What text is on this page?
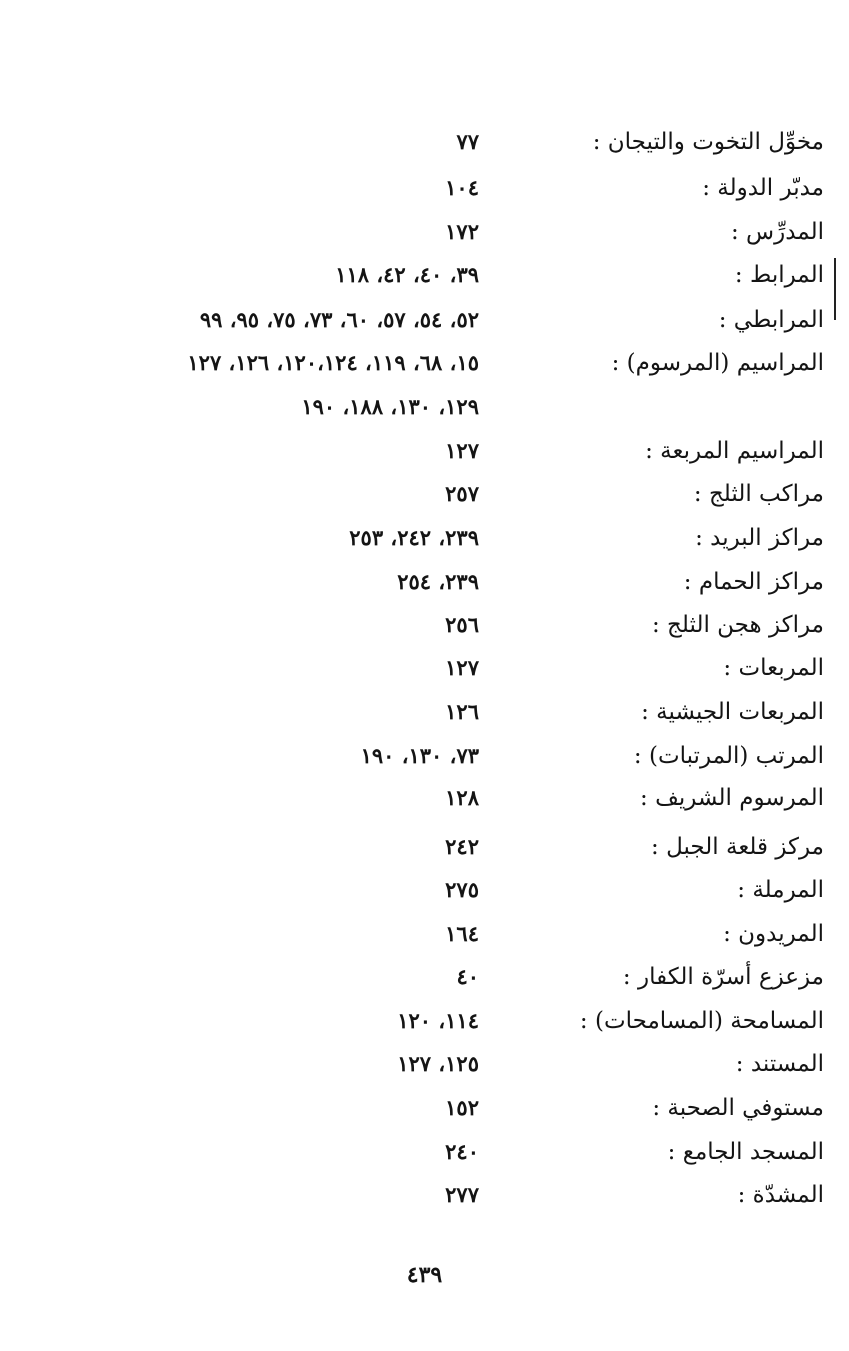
مخوِّل التخوت والتيجان :
٧٧
مدبّر الدولة :
١٠٤
المدرِّس :
١٧٢
المرابط :
٣٩، ٤٠، ٤٢، ١١٨
المرابطي :
٥٢، ٥٤، ٥٧، ٦٠، ٧٣، ٧٥، ٩٥، ٩٩
المراسيم (المرسوم) :
١٥، ٦٨، ١١٩، ١٢٠،١٢٤، ١٢٦، ١٢٧
١٢٩، ١٣٠، ١٨٨، ١٩٠
المراسيم المربعة :
١٢٧
مراكب الثلج :
٢٥٧
مراكز البريد :
٢٣٩، ٢٤٢، ٢٥٣
مراكز الحمام :
٢٣٩، ٢٥٤
مراكز هجن الثلج :
٢٥٦
المربعات :
١٢٧
المربعات الجيشية :
١٢٦
المرتب (المرتبات) :
٧٣، ١٣٠، ١٩٠
المرسوم الشريف :
١٢٨
مركز قلعة الجبل :
٢٤٢
المرملة :
٢٧٥
المريدون :
١٦٤
مزعزع أسرّة الكفار :
٤٠
المسامحة (المسامحات) :
١١٤، ١٢٠
المستند :
١٢٥، ١٢٧
مستوفي الصحبة :
١٥٢
المسجد الجامع :
٢٤٠
المشدّة :
٢٧٧
٤٣٩
